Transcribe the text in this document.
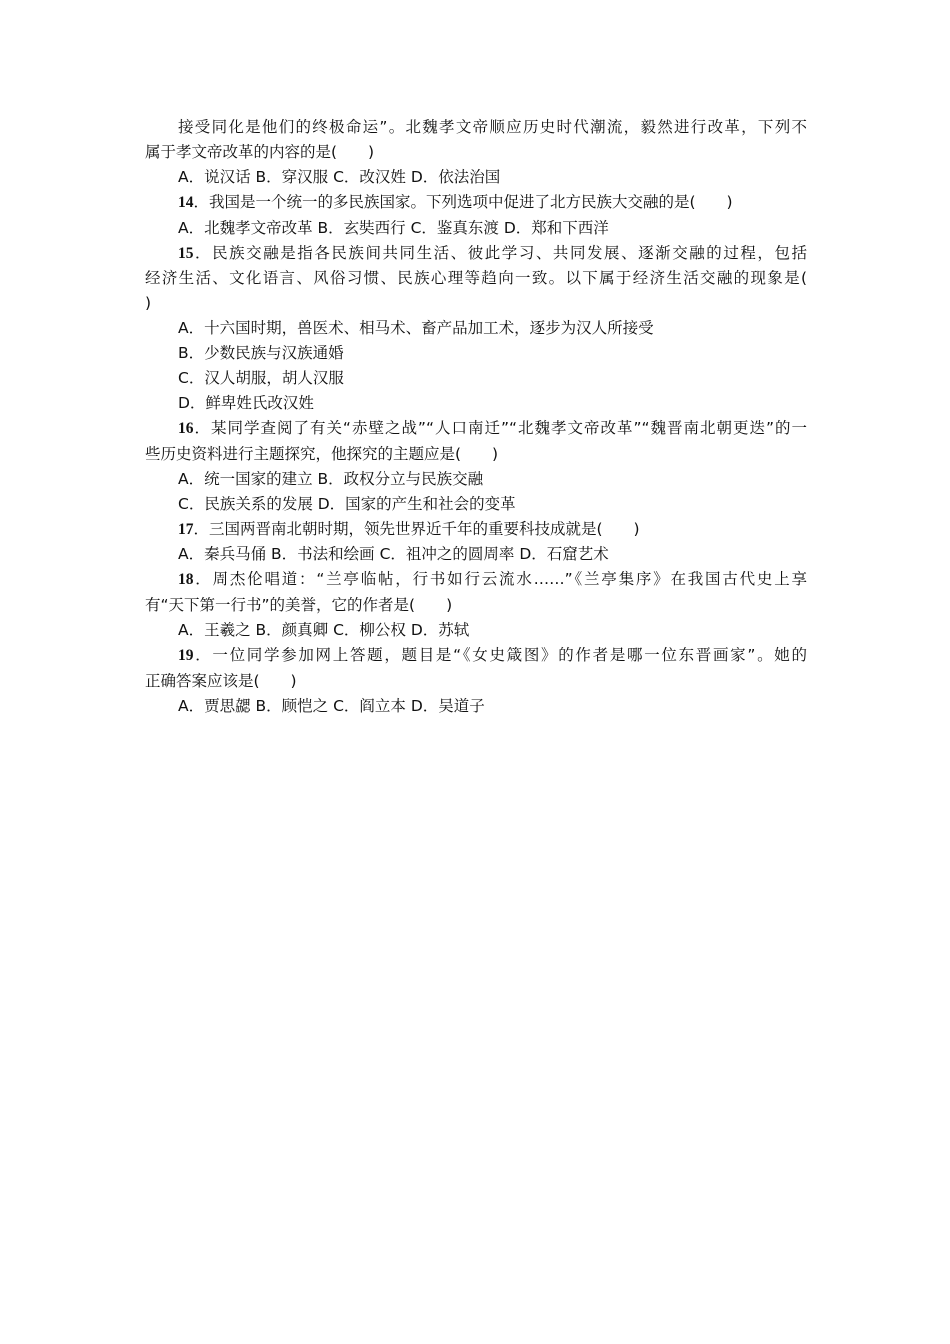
接受同化是他们的终极命运”。北魏孝文帝顺应历史时代潮流，毅然进行改革，下列不
属于孝文帝改革的内容的是(　　)
A．说汉话 B．穿汉服 C．改汉姓 D．依法治国
14．我国是一个统一的多民族国家。下列选项中促进了北方民族大交融的是(　　)
A．北魏孝文帝改革 B．玄奘西行 C．鉴真东渡 D．郑和下西洋
15．民族交融是指各民族间共同生活、彼此学习、共同发展、逐渐交融的过程，包括
经济生活、文化语言、风俗习惯、民族心理等趋向一致。以下属于经济生活交融的现象是(
)
A．十六国时期，兽医术、相马术、畜产品加工术，逐步为汉人所接受
B．少数民族与汉族通婚
C．汉人胡服，胡人汉服
D．鲜卑姓氏改汉姓
16．某同学查阅了有关“赤壁之战”“人口南迁”“北魏孝文帝改革”“魏晋南北朝更迭”的一
些历史资料进行主题探究，他探究的主题应是(　　)
A．统一国家的建立 B．政权分立与民族交融
C．民族关系的发展 D．国家的产生和社会的变革
17．三国两晋南北朝时期，领先世界近千年的重要科技成就是(　　)
A．秦兵马俑 B．书法和绘画 C．祖冲之的圆周率 D．石窟艺术
18．周杰伦唱道：“兰亭临帖，行书如行云流水……”《兰亭集序》在我国古代史上享
有“天下第一行书”的美誉，它的作者是(　　)
A．王羲之 B．颜真卿 C．柳公权 D．苏轼
19．一位同学参加网上答题，题目是“《女史箴图》的作者是哪一位东晋画家”。她的
正确答案应该是(　　)
A．贾思勰 B．顾恺之 C．阎立本 D．吴道子
